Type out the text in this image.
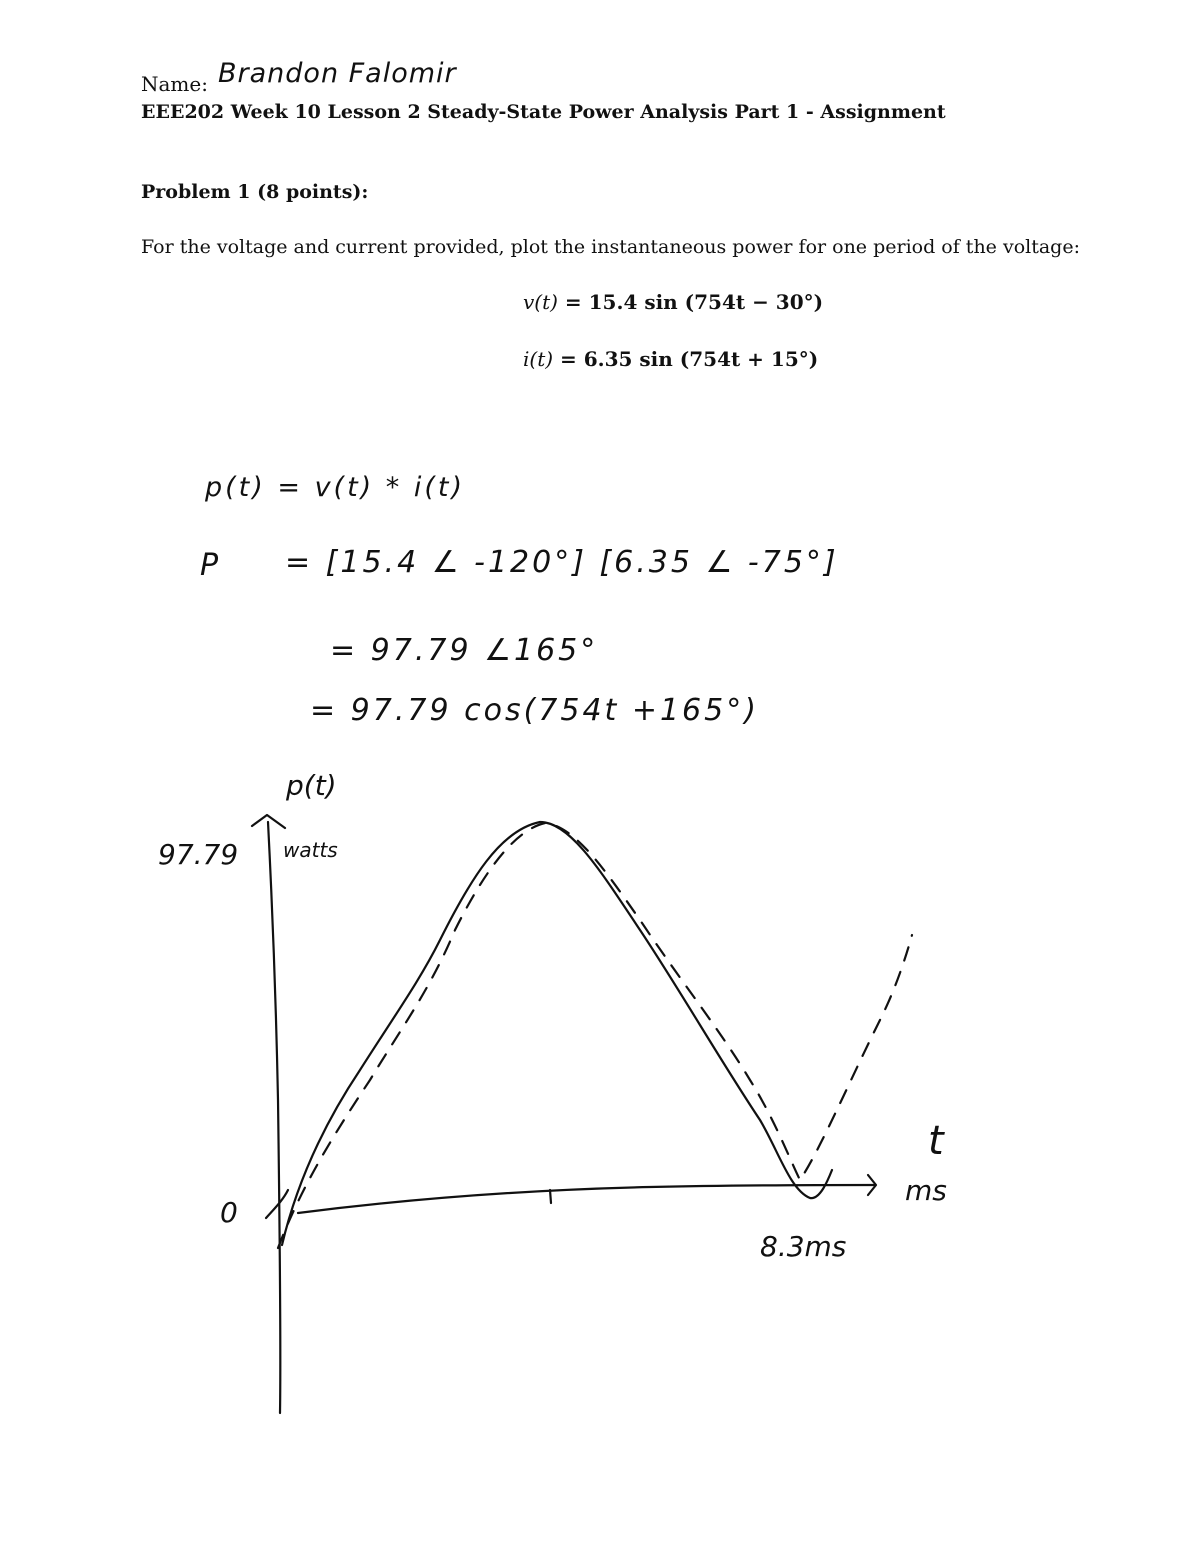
Name: Brandon Falomir
EEE202 Week 10 Lesson 2 Steady-State Power Analysis Part 1 - Assignment
Problem 1 (8 points):
For the voltage and current provided, plot the instantaneous power for one period of the voltage:
v(t) = 15.4 sin (754t − 30°)
i(t) = 6.35 sin (754t + 15°)
p(t) = v(t) * i(t)
P = [15.4 ∠ -120°] [6.35 ∠ -75°]
= 97.79 ∠165°
= 97.79 cos(754t +165°)
p(t)
97.79 watts
0
t
ms
8.3ms
